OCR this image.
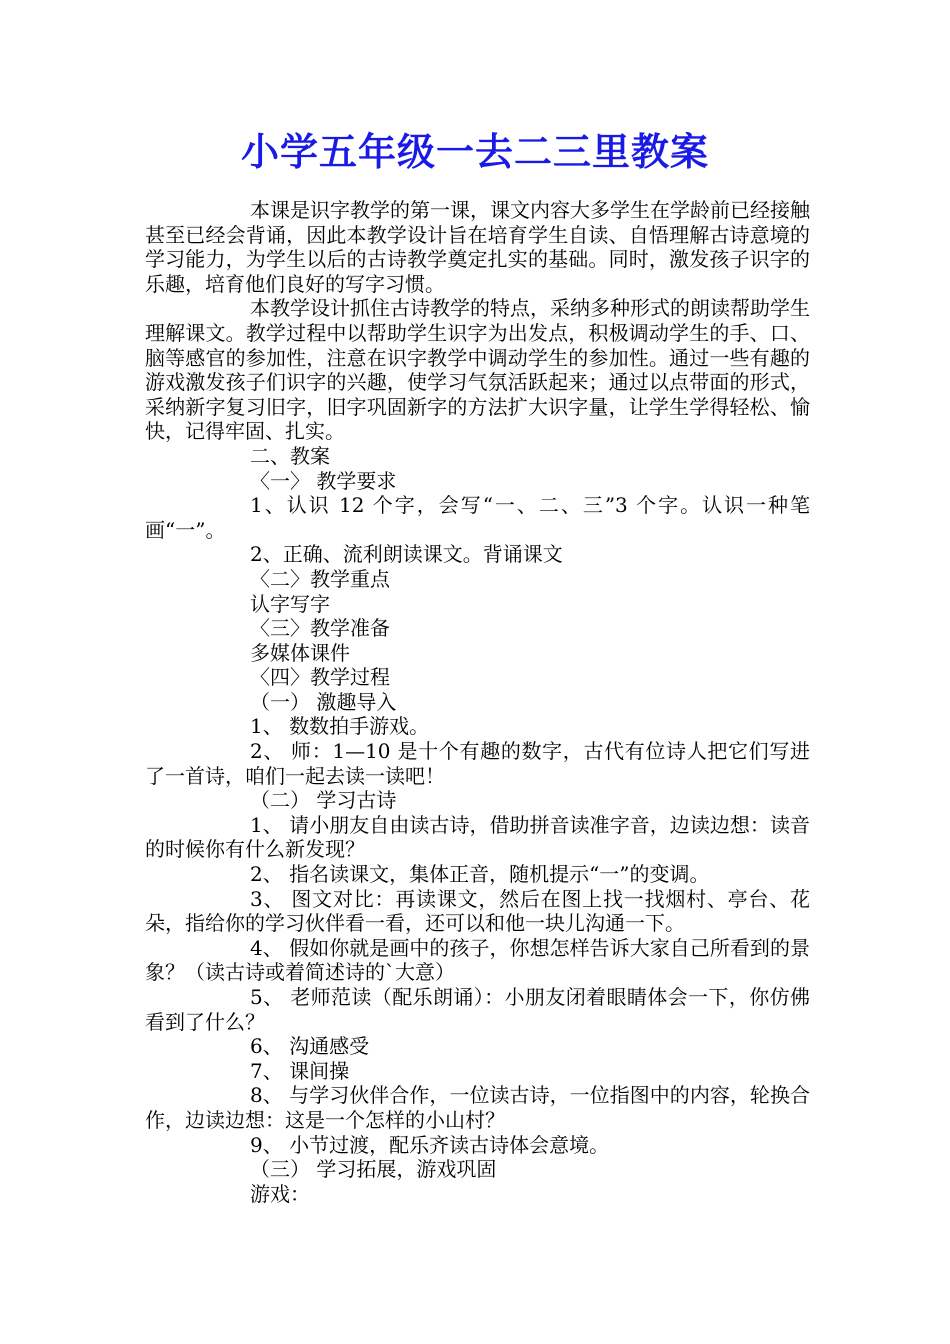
小学五年级一去二三里教案

本课是识字教学的第一课，课文内容大多学生在学龄前已经接触甚至已经会背诵，因此本教学设计旨在培育学生自读、自悟理解古诗意境的学习能力，为学生以后的古诗教学奠定扎实的基础。同时，激发孩子识字的乐趣，培育他们良好的写字习惯。

本教学设计抓住古诗教学的特点，采纳多种形式的朗读帮助学生理解课文。教学过程中以帮助学生识字为出发点，积极调动学生的手、口、脑等感官的参加性，注意在识字教学中调动学生的参加性。通过一些有趣的游戏激发孩子们识字的兴趣，使学习气氛活跃起来；通过以点带面的形式，采纳新字复习旧字，旧字巩固新字的方法扩大识字量，让学生学得轻松、愉快，记得牢固、扎实。

二、教案

〈一〉 教学要求

1、认识 12 个字，会写“一、二、三”3 个字。认识一种笔画“一”。

2、正确、流利朗读课文。背诵课文

〈二〉教学重点

认字写字

〈三〉教学准备

多媒体课件

〈四〉教学过程

（一） 激趣导入

1、 数数拍手游戏。

2、 师：1—10 是十个有趣的数字，古代有位诗人把它们写进了一首诗，咱们一起去读一读吧！

（二） 学习古诗

1、 请小朋友自由读古诗，借助拼音读准字音，边读边想：读音的时候你有什么新发现？

2、 指名读课文，集体正音，随机提示“一”的变调。

3、 图文对比：再读课文，然后在图上找一找烟村、亭台、花朵，指给你的学习伙伴看一看，还可以和他一块儿沟通一下。

4、 假如你就是画中的孩子，你想怎样告诉大家自己所看到的景象？（读古诗或着简述诗的`大意）

5、 老师范读（配乐朗诵）：小朋友闭着眼睛体会一下，你仿佛看到了什么？

6、 沟通感受

7、 课间操

8、 与学习伙伴合作，一位读古诗，一位指图中的内容，轮换合作，边读边想：这是一个怎样的小山村？

9、 小节过渡，配乐齐读古诗体会意境。

（三） 学习拓展，游戏巩固

游戏：
